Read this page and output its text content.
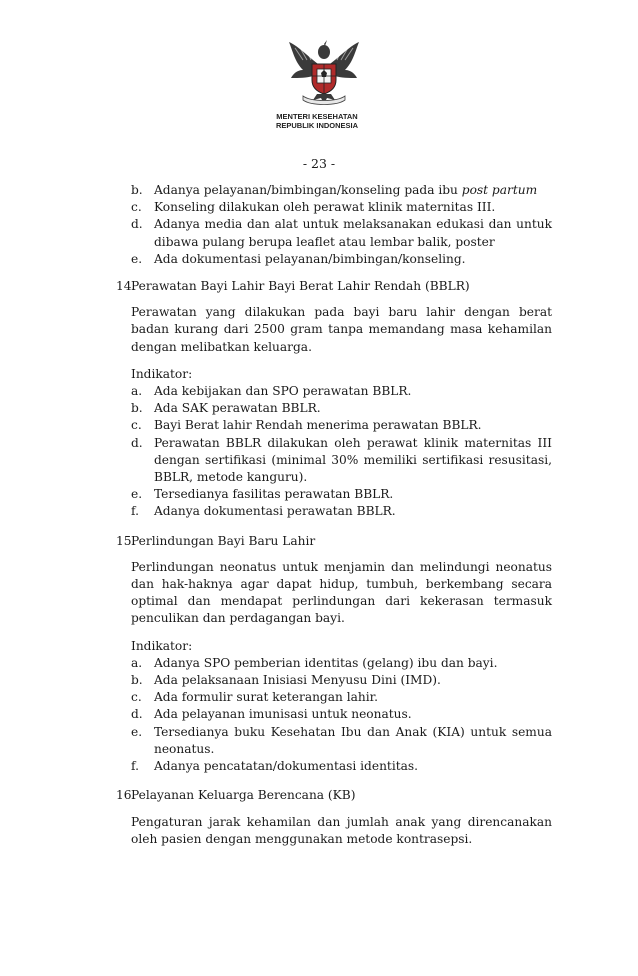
MENTERI KESEHATAN
REPUBLIK INDONESIA
- 23 -
b. Adanya pelayanan/bimbingan/konseling pada ibu post partum
c.	Konseling dilakukan oleh perawat klinik maternitas III.
d. Adanya media dan alat untuk melaksanakan edukasi dan untuk dibawa pulang berupa leaflet atau lembar balik, poster
e. Ada dokumentasi pelayanan/bimbingan/konseling.
14.
Perawatan Bayi Lahir Bayi Berat Lahir Rendah (BBLR)
Perawatan yang dilakukan pada bayi baru lahir dengan berat badan kurang dari 2500 gram tanpa memandang masa kehamilan dengan melibatkan keluarga.
Indikator:
a. Ada kebijakan dan SPO perawatan BBLR.
b. Ada SAK perawatan BBLR.
c.	Bayi Berat lahir Rendah menerima perawatan BBLR.
d. Perawatan BBLR dilakukan oleh perawat klinik maternitas III dengan sertifikasi (minimal 30% memiliki sertifikasi resusitasi, BBLR, metode kanguru).
e. Tersedianya fasilitas perawatan BBLR.
f.	Adanya dokumentasi perawatan BBLR.
15.
Perlindungan Bayi Baru Lahir
Perlindungan neonatus untuk menjamin dan melindungi neonatus dan hak-haknya agar dapat hidup, tumbuh, berkembang secara optimal dan mendapat perlindungan dari kekerasan termasuk penculikan dan perdagangan bayi.
Indikator:
a. Adanya SPO pemberian identitas (gelang) ibu dan bayi.
b. Ada pelaksanaan Inisiasi Menyusu Dini (IMD).
c.	Ada formulir surat keterangan lahir.
d. Ada pelayanan imunisasi untuk neonatus.
e. Tersedianya buku Kesehatan Ibu dan Anak (KIA) untuk semua neonatus.
f.	Adanya pencatatan/dokumentasi identitas.
16.
Pelayanan Keluarga Berencana (KB)
Pengaturan jarak kehamilan dan jumlah anak yang direncanakan oleh pasien dengan menggunakan metode kontrasepsi.
